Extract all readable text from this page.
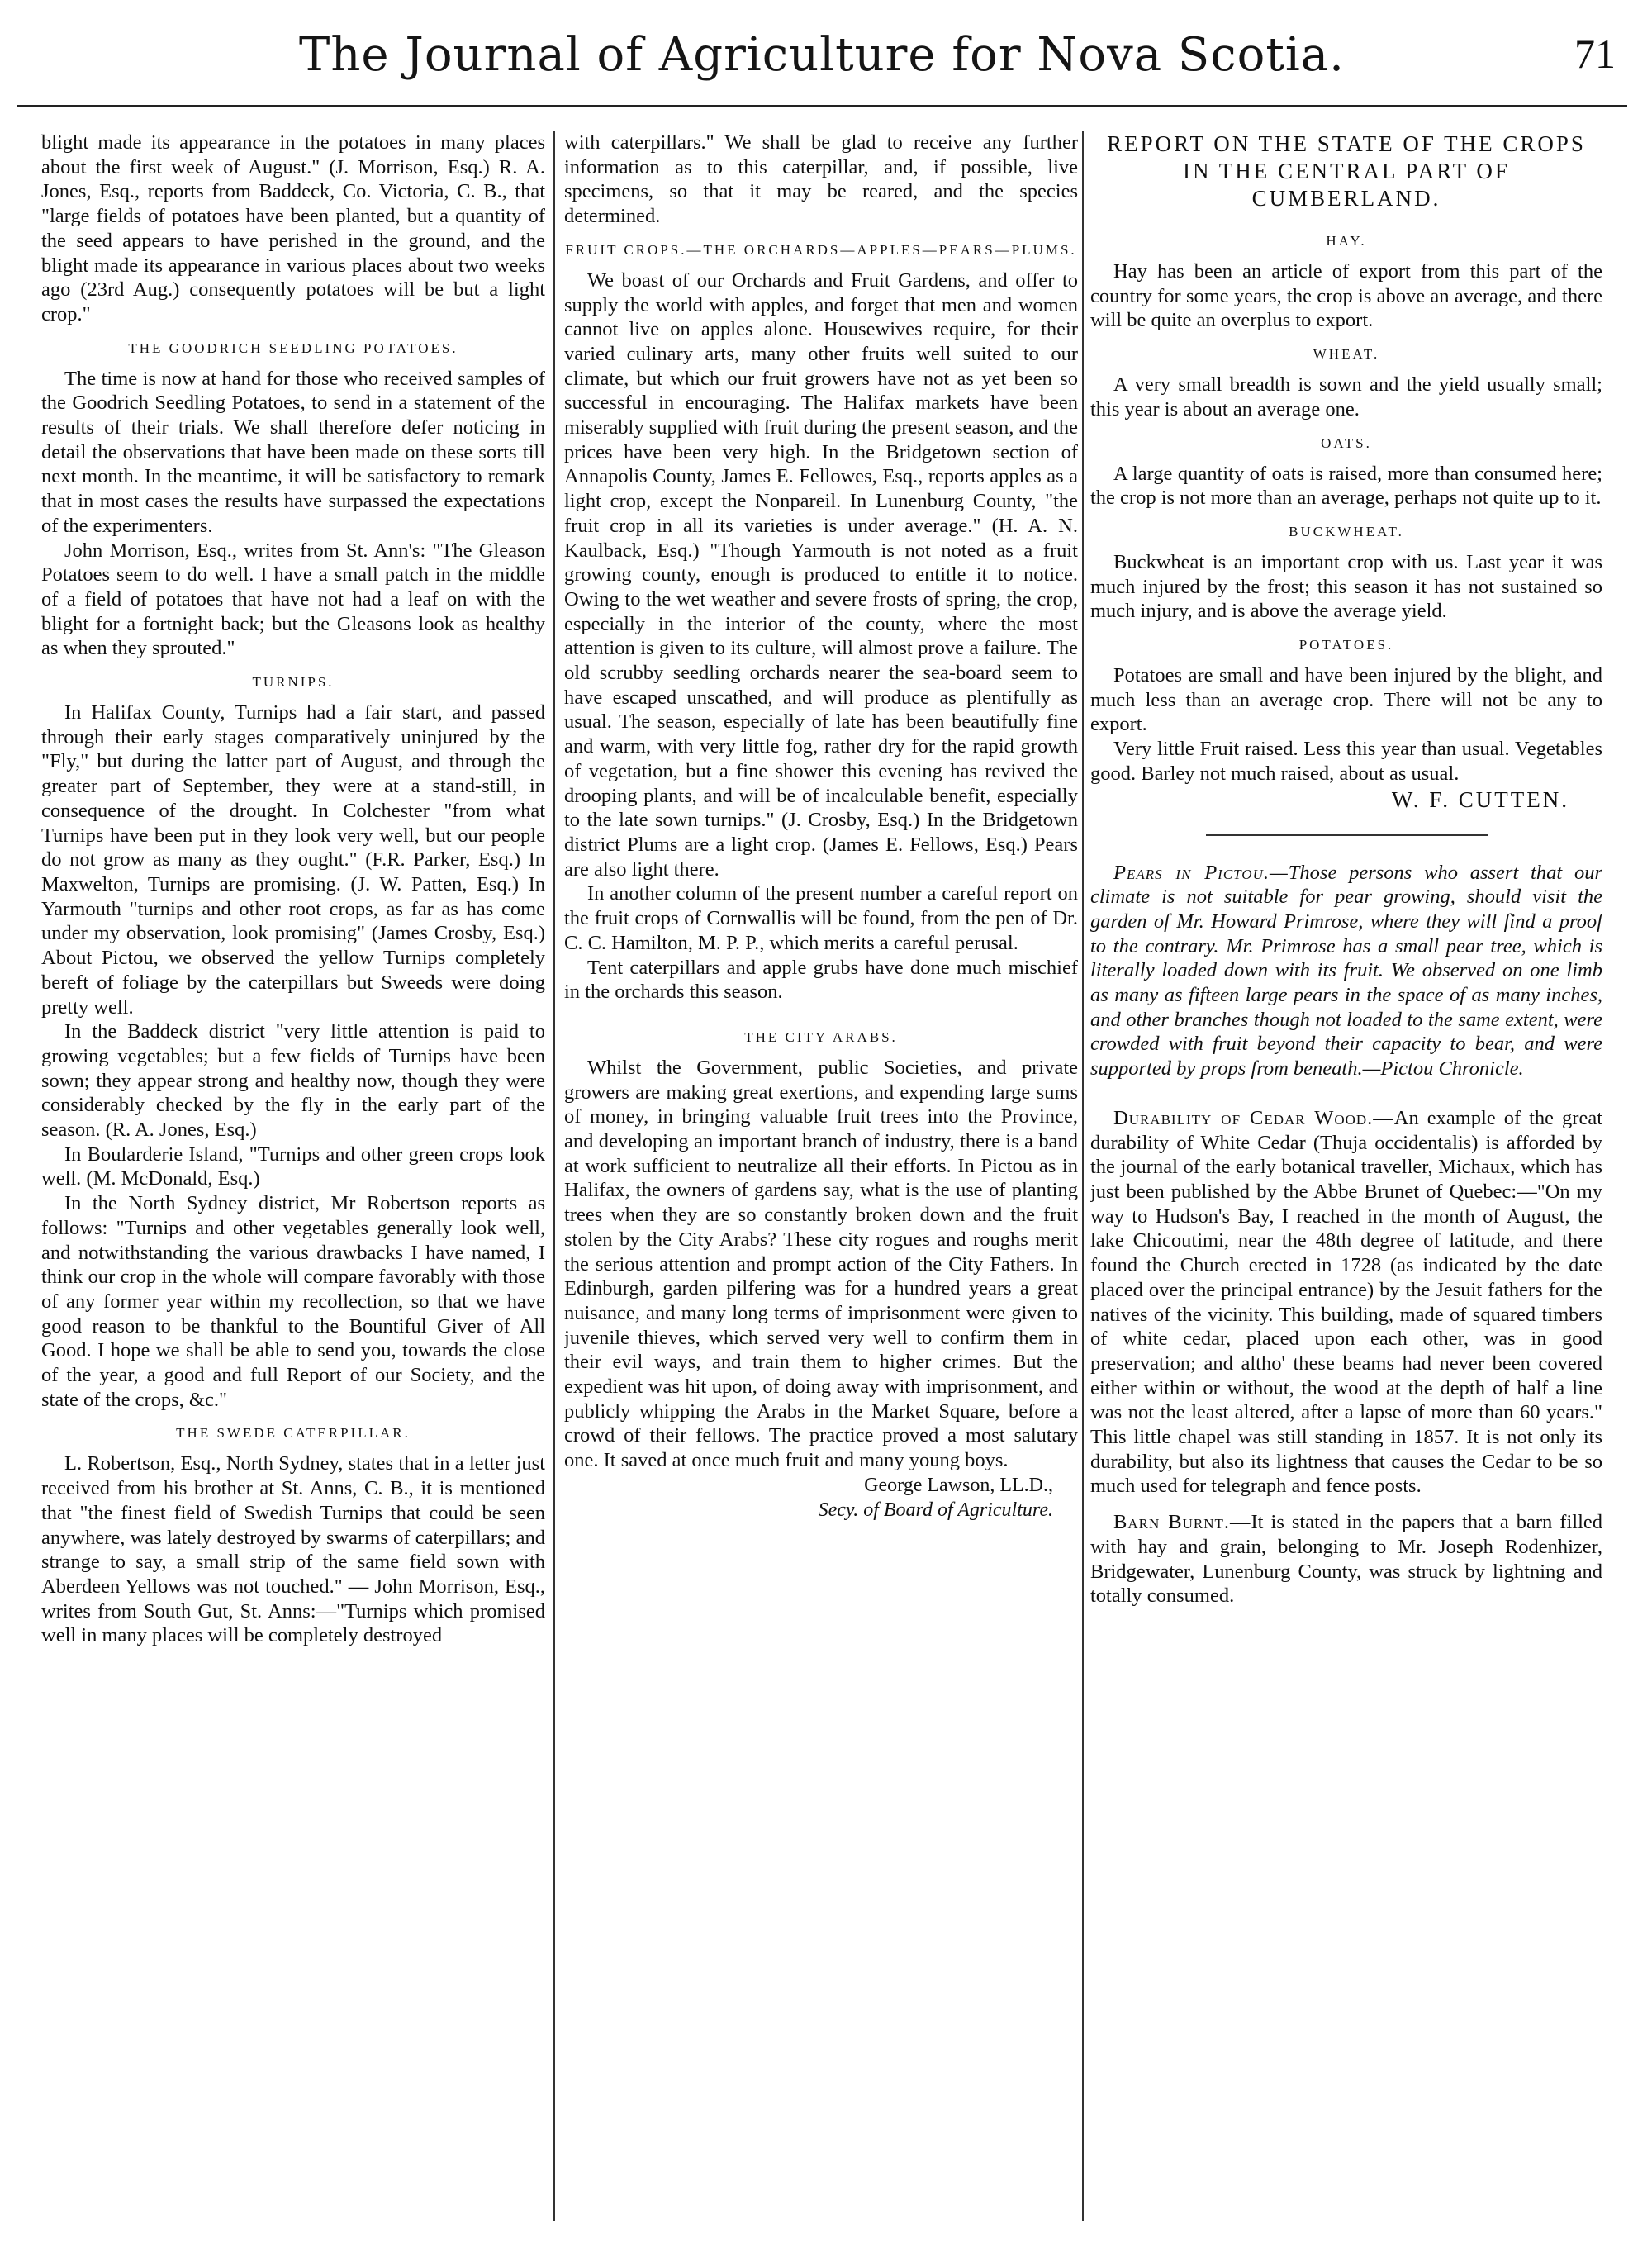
The Journal of Agriculture for Nova Scotia.	71

blight made its appearance in the potatoes in many places about the first week of August." (J. Morrison, Esq.) R. A. Jones, Esq., reports from Baddeck, Co. Victoria, C. B., that "large fields of potatoes have been planted, but a quantity of the seed appears to have perished in the ground, and the blight made its appearance in various places about two weeks ago (23rd Aug.) consequently potatoes will be but a light crop."

THE GOODRICH SEEDLING POTATOES.

The time is now at hand for those who received samples of the Goodrich Seedling Potatoes, to send in a statement of the results of their trials. We shall therefore defer noticing in detail the observations that have been made on these sorts till next month. In the meantime, it will be satisfactory to remark that in most cases the results have surpassed the expectations of the experimenters.

John Morrison, Esq., writes from St. Ann's: "The Gleason Potatoes seem to do well. I have a small patch in the middle of a field of potatoes that have not had a leaf on with the blight for a fortnight back; but the Gleasons look as healthy as when they sprouted."

TURNIPS.

In Halifax County, Turnips had a fair start, and passed through their early stages comparatively uninjured by the "Fly," but during the latter part of August, and through the greater part of September, they were at a stand-still, in consequence of the drought. In Colchester "from what Turnips have been put in they look very well, but our people do not grow as many as they ought." (F.R. Parker, Esq.) In Maxwelton, Turnips are promising. (J. W. Patten, Esq.) In Yarmouth "turnips and other root crops, as far as has come under my observation, look promising" (James Crosby, Esq.) About Pictou, we observed the yellow Turnips completely bereft of foliage by the caterpillars but Sweeds were doing pretty well.

In the Baddeck district "very little attention is paid to growing vegetables; but a few fields of Turnips have been sown; they appear strong and healthy now, though they were considerably checked by the fly in the early part of the season. (R. A. Jones, Esq.)

In Boularderie Island, "Turnips and other green crops look well. (M. McDonald, Esq.)

In the North Sydney district, Mr Robertson reports as follows: "Turnips and other vegetables generally look well, and notwithstanding the various drawbacks I have named, I think our crop in the whole will compare favorably with those of any former year within my recollection, so that we have good reason to be thankful to the Bountiful Giver of All Good. I hope we shall be able to send you, towards the close of the year, a good and full Report of our Society, and the state of the crops, &c."

THE SWEDE CATERPILLAR.

L. Robertson, Esq., North Sydney, states that in a letter just received from his brother at St. Anns, C. B., it is mentioned that "the finest field of Swedish Turnips that could be seen anywhere, was lately destroyed by swarms of caterpillars; and strange to say, a small strip of the same field sown with Aberdeen Yellows was not touched." — John Morrison, Esq., writes from South Gut, St. Anns:—"Turnips which promised well in many places will be completely destroyed

with caterpillars." We shall be glad to receive any further information as to this caterpillar, and, if possible, live specimens, so that it may be reared, and the species determined.

FRUIT CROPS.—THE ORCHARDS—APPLES—PEARS—PLUMS.

We boast of our Orchards and Fruit Gardens, and offer to supply the world with apples, and forget that men and women cannot live on apples alone. Housewives require, for their varied culinary arts, many other fruits well suited to our climate, but which our fruit growers have not as yet been so successful in encouraging. The Halifax markets have been miserably supplied with fruit during the present season, and the prices have been very high. In the Bridgetown section of Annapolis County, James E. Fellowes, Esq., reports apples as a light crop, except the Nonpareil. In Lunenburg County, "the fruit crop in all its varieties is under average." (H. A. N. Kaulback, Esq.) "Though Yarmouth is not noted as a fruit growing county, enough is produced to entitle it to notice. Owing to the wet weather and severe frosts of spring, the crop, especially in the interior of the county, where the most attention is given to its culture, will almost prove a failure. The old scrubby seedling orchards nearer the sea-board seem to have escaped unscathed, and will produce as plentifully as usual. The season, especially of late has been beautifully fine and warm, with very little fog, rather dry for the rapid growth of vegetation, but a fine shower this evening has revived the drooping plants, and will be of incalculable benefit, especially to the late sown turnips." (J. Crosby, Esq.) In the Bridgetown district Plums are a light crop. (James E. Fellows, Esq.) Pears are also light there.

In another column of the present number a careful report on the fruit crops of Cornwallis will be found, from the pen of Dr. C. C. Hamilton, M. P. P., which merits a careful perusal.

Tent caterpillars and apple grubs have done much mischief in the orchards this season.

THE CITY ARABS.

Whilst the Government, public Societies, and private growers are making great exertions, and expending large sums of money, in bringing valuable fruit trees into the Province, and developing an important branch of industry, there is a band at work sufficient to neutralize all their efforts. In Pictou as in Halifax, the owners of gardens say, what is the use of planting trees when they are so constantly broken down and the fruit stolen by the City Arabs? These city rogues and roughs merit the serious attention and prompt action of the City Fathers. In Edinburgh, garden pilfering was for a hundred years a great nuisance, and many long terms of imprisonment were given to juvenile thieves, which served very well to confirm them in their evil ways, and train them to higher crimes. But the expedient was hit upon, of doing away with imprisonment, and publicly whipping the Arabs in the Market Square, before a crowd of their fellows. The practice proved a most salutary one. It saved at once much fruit and many young boys.

George Lawson, LL.D.,
Secy. of Board of Agriculture.
REPORT ON THE STATE OF THE CROPS IN THE CENTRAL PART OF CUMBERLAND.
HAY.

Hay has been an article of export from this part of the country for some years, the crop is above an average, and there will be quite an overplus to export.

WHEAT.

A very small breadth is sown and the yield usually small; this year is about an average one.

OATS.

A large quantity of oats is raised, more than consumed here; the crop is not more than an average, perhaps not quite up to it.

BUCKWHEAT.

Buckwheat is an important crop with us. Last year it was much injured by the frost; this season it has not sustained so much injury, and is above the average yield.

POTATOES.

Potatoes are small and have been injured by the blight, and much less than an average crop. There will not be any to export.

Very little Fruit raised. Less this year than usual. Vegetables good. Barley not much raised, about as usual.

W. F. CUTTEN.

Pears in Pictou.—Those persons who assert that our climate is not suitable for pear growing, should visit the garden of Mr. Howard Primrose, where they will find a proof to the contrary. Mr. Primrose has a small pear tree, which is literally loaded down with its fruit. We observed on one limb as many as fifteen large pears in the space of as many inches, and other branches though not loaded to the same extent, were crowded with fruit beyond their capacity to bear, and were supported by props from beneath.—Pictou Chronicle.

Durability of Cedar Wood.—An example of the great durability of White Cedar (Thuja occidentalis) is afforded by the journal of the early botanical traveller, Michaux, which has just been published by the Abbe Brunet of Quebec:—"On my way to Hudson's Bay, I reached in the month of August, the lake Chicoutimi, near the 48th degree of latitude, and there found the Church erected in 1728 (as indicated by the date placed over the principal entrance) by the Jesuit fathers for the natives of the vicinity. This building, made of squared timbers of white cedar, placed upon each other, was in good preservation; and altho' these beams had never been covered either within or without, the wood at the depth of half a line was not the least altered, after a lapse of more than 60 years." This little chapel was still standing in 1857. It is not only its durability, but also its lightness that causes the Cedar to be so much used for telegraph and fence posts.

Barn Burnt.—It is stated in the papers that a barn filled with hay and grain, belonging to Mr. Joseph Rodenhizer, Bridgewater, Lunenburg County, was struck by lightning and totally consumed.
